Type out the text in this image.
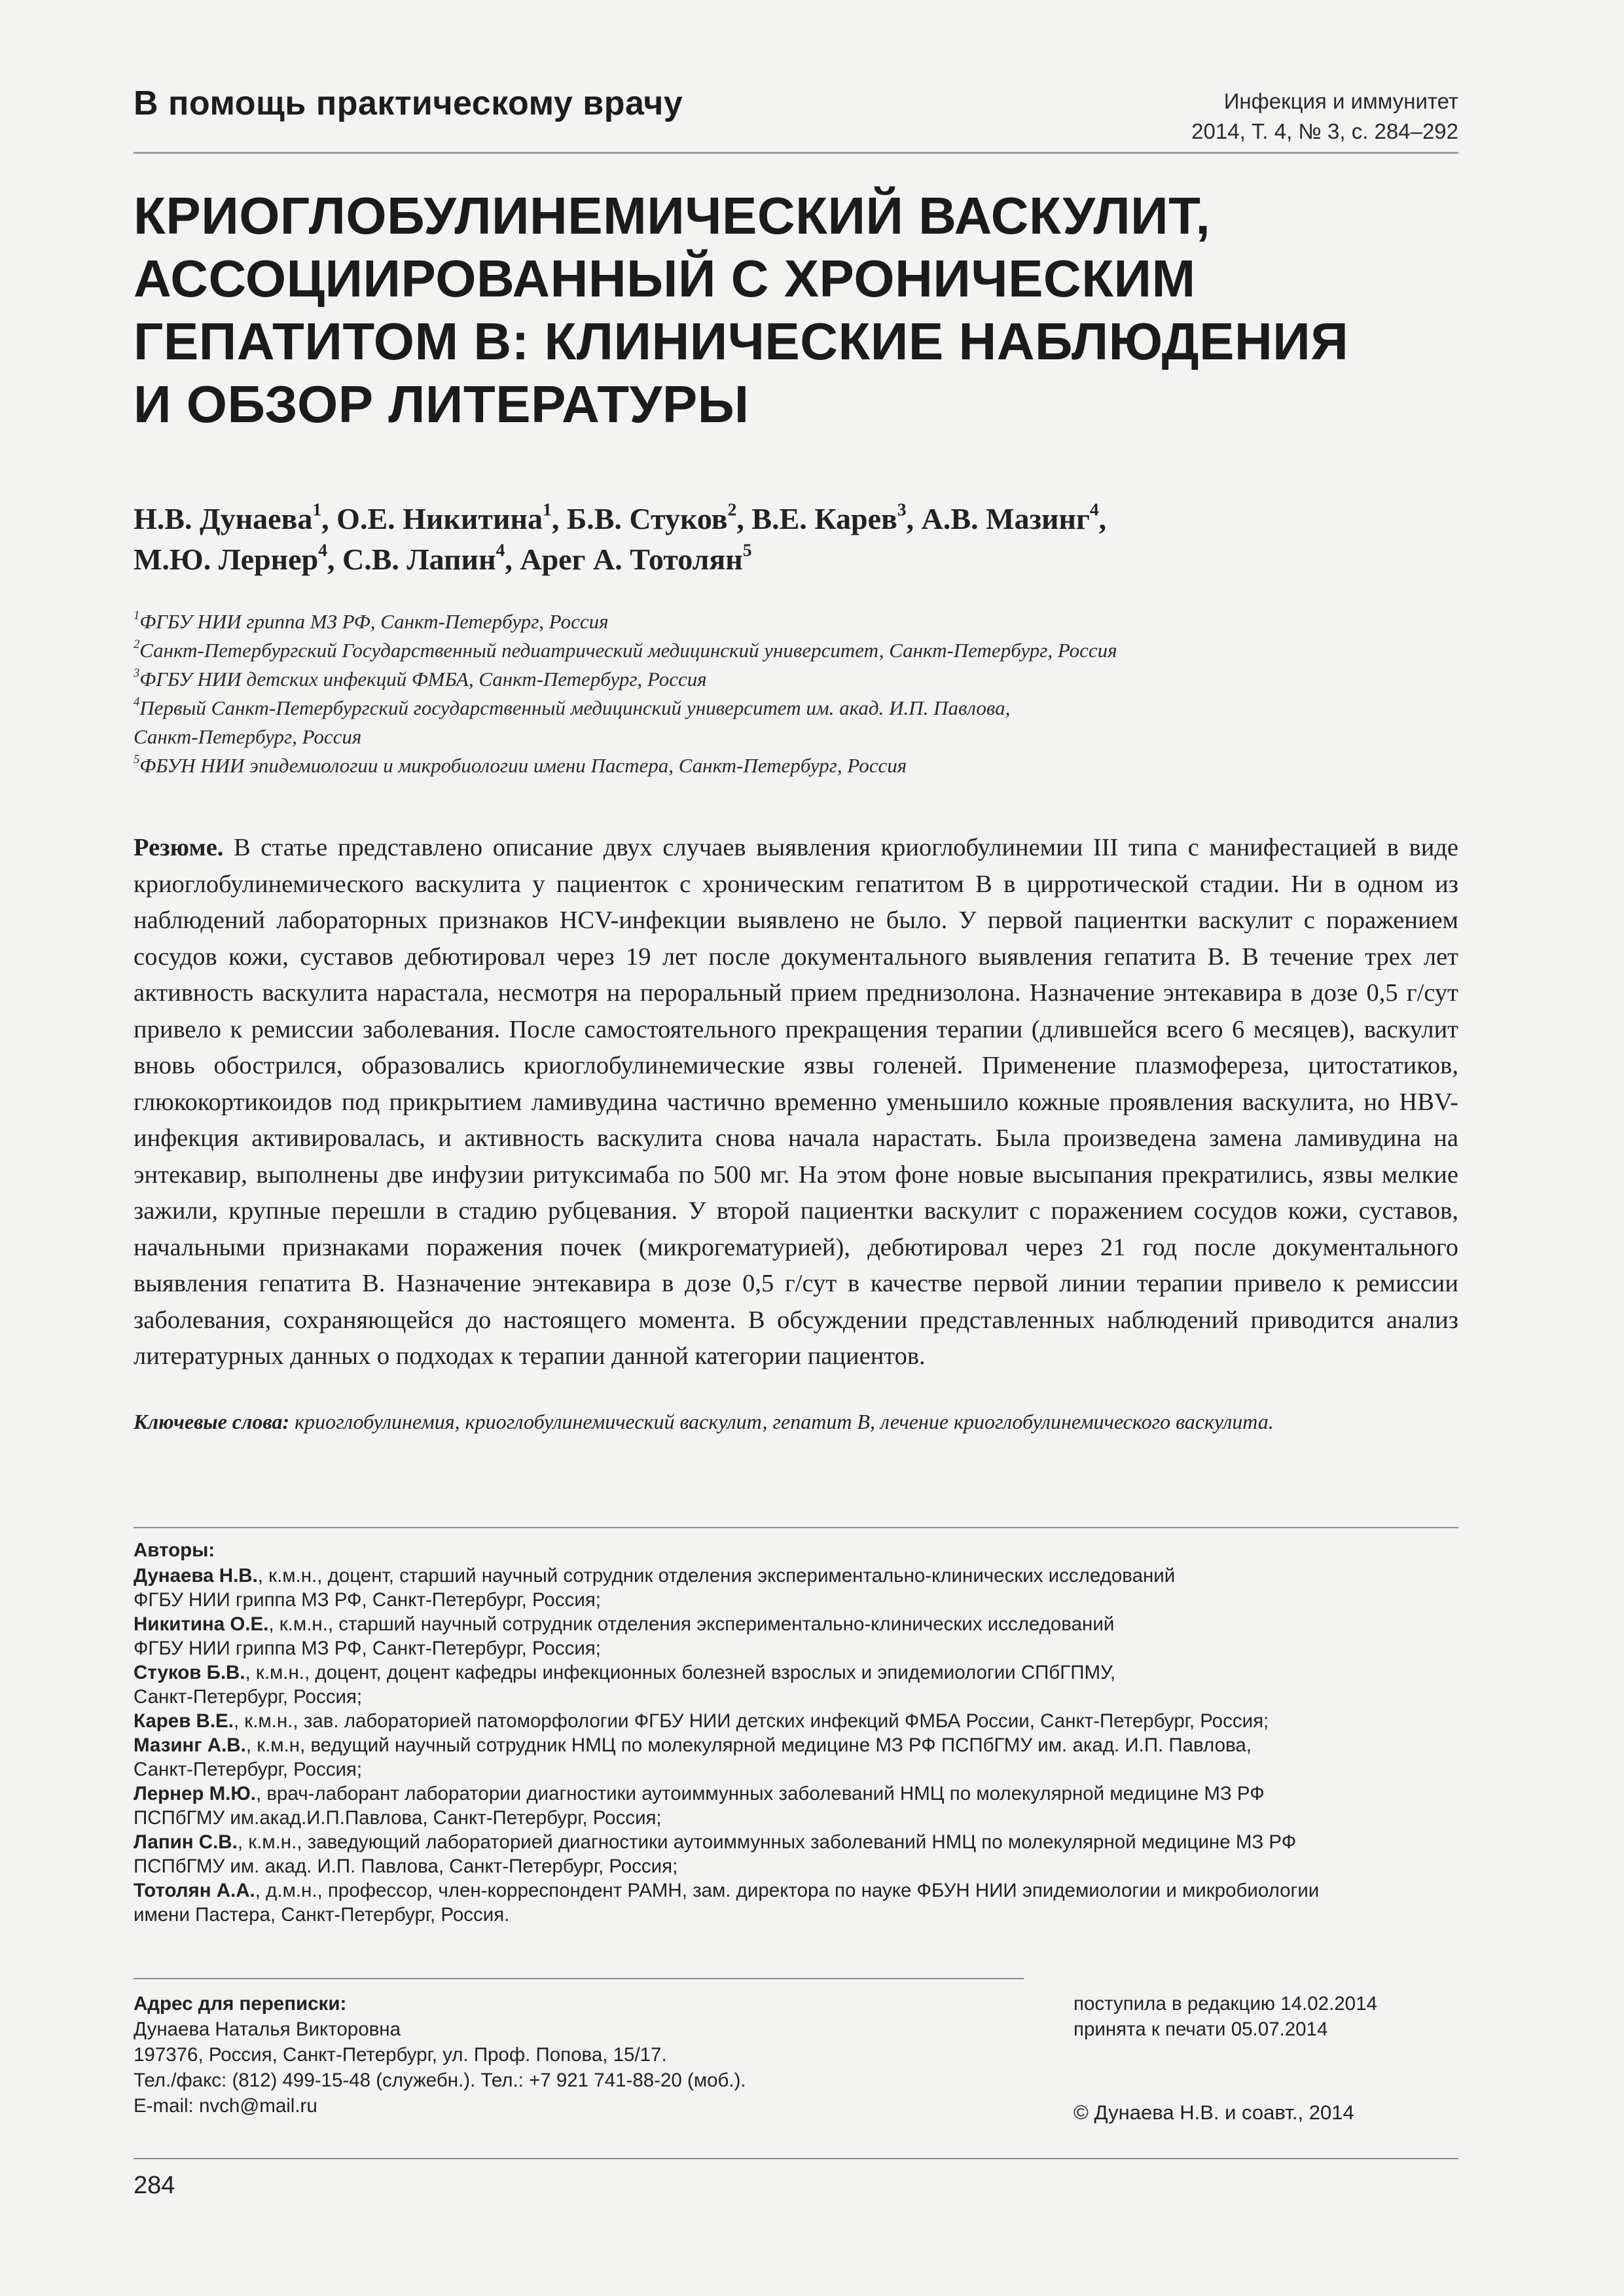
В помощь практическому врачу	Инфекция и иммунитет
2014, Т. 4, № 3, с. 284–292
КРИОГЛОБУЛИНЕМИЧЕСКИЙ ВАСКУЛИТ,
АССОЦИИРОВАННЫЙ С ХРОНИЧЕСКИМ
ГЕПАТИТОМ В: КЛИНИЧЕСКИЕ НАБЛЮДЕНИЯ
И ОБЗОР ЛИТЕРАТУРЫ
Н.В. Дунаева$^1$, О.Е. Никитина$^1$, Б.В. Стуков$^2$, В.Е. Карев$^3$, А.В. Мазинг$^4$,
М.Ю. Лернер$^4$, С.В. Лапин$^4$, Арег А. Тотолян$^5$
$^1$ФГБУ НИИ гриппа МЗ РФ, Санкт-Петербург, Россия
$^2$Санкт-Петербургский Государственный педиатрический медицинский университет, Санкт-Петербург, Россия
$^3$ФГБУ НИИ детских инфекций ФМБА, Санкт-Петербург, Россия
$^4$Первый Санкт-Петербургский государственный медицинский университет им. акад. И.П. Павлова,
Санкт-Петербург, Россия
$^5$ФБУН НИИ эпидемиологии и микробиологии имени Пастера, Санкт-Петербург, Россия
Резюме. В статье представлено описание двух случаев выявления криоглобулинемии III типа с манифестацией в виде криоглобулинемического васкулита у пациенток с хроническим гепатитом В в цирротической стадии. Ни в одном из наблюдений лабораторных признаков HCV-инфекции выявлено не было. У первой пациентки васкулит с поражением сосудов кожи, суставов дебютировал через 19 лет после документального выявления гепатита В. В течение трех лет активность васкулита нарастала, несмотря на пероральный прием преднизолона. Назначение энтекавира в дозе 0,5 г/сут привело к ремиссии заболевания. После самостоятельного прекращения терапии (длившейся всего 6 месяцев), васкулит вновь обострился, образовались криоглобулинемические язвы голеней. Применение плазмофереза, цитостатиков, глюкокортикоидов под прикрытием ламивудина частично временно уменьшило кожные проявления васкулита, но HBV-инфекция активировалась, и активность васкулита снова начала нарастать. Была произведена замена ламивудина на энтекавир, выполнены две инфузии ритуксимаба по 500 мг. На этом фоне новые высыпания прекратились, язвы мелкие зажили, крупные перешли в стадию рубцевания. У второй пациентки васкулит с поражением сосудов кожи, суставов, начальными признаками поражения почек (микрогематурией), дебютировал через 21 год после документального выявления гепатита В. Назначение энтекавира в дозе 0,5 г/сут в качестве первой линии терапии привело к ремиссии заболевания, сохраняющейся до настоящего момента. В обсуждении представленных наблюдений приводится анализ литературных данных о подходах к терапии данной категории пациентов.
Ключевые слова: криоглобулинемия, криоглобулинемический васкулит, гепатит В, лечение криоглобулинемического васкулита.
Авторы:
Дунаева Н.В., к.м.н., доцент, старший научный сотрудник отделения экспериментально-клинических исследований
ФГБУ НИИ гриппа МЗ РФ, Санкт-Петербург, Россия;
Никитина О.Е., к.м.н., старший научный сотрудник отделения экспериментально-клинических исследований
ФГБУ НИИ гриппа МЗ РФ, Санкт-Петербург, Россия;
Стуков Б.В., к.м.н., доцент, доцент кафедры инфекционных болезней взрослых и эпидемиологии СПбГПМУ,
Санкт-Петербург, Россия;
Карев В.Е., к.м.н., зав. лабораторией патоморфологии ФГБУ НИИ детских инфекций ФМБА России, Санкт-Петербург, Россия;
Мазинг А.В., к.м.н, ведущий научный сотрудник НМЦ по молекулярной медицине МЗ РФ ПСПбГМУ им. акад. И.П. Павлова,
Санкт-Петербург, Россия;
Лернер М.Ю., врач-лаборант лаборатории диагностики аутоиммунных заболеваний НМЦ по молекулярной медицине МЗ РФ
ПСПбГМУ им.акад.И.П.Павлова, Санкт-Петербург, Россия;
Лапин С.В., к.м.н., заведующий лабораторией диагностики аутоиммунных заболеваний НМЦ по молекулярной медицине МЗ РФ
ПСПбГМУ им. акад. И.П. Павлова, Санкт-Петербург, Россия;
Тотолян А.А., д.м.н., профессор, член-корреспондент РАМН, зам. директора по науке ФБУН НИИ эпидемиологии и микробиологии
имени Пастера, Санкт-Петербург, Россия.
Адрес для переписки:
Дунаева Наталья Викторовна
197376, Россия, Санкт-Петербург, ул. Проф. Попова, 15/17.
Тел./факс: (812) 499-15-48 (служебн.). Тел.: +7 921 741-88-20 (моб.).
E-mail: nvch@mail.ru
поступила в редакцию 14.02.2014
принята к печати 05.07.2014
© Дунаева Н.В. и соавт., 2014
284
